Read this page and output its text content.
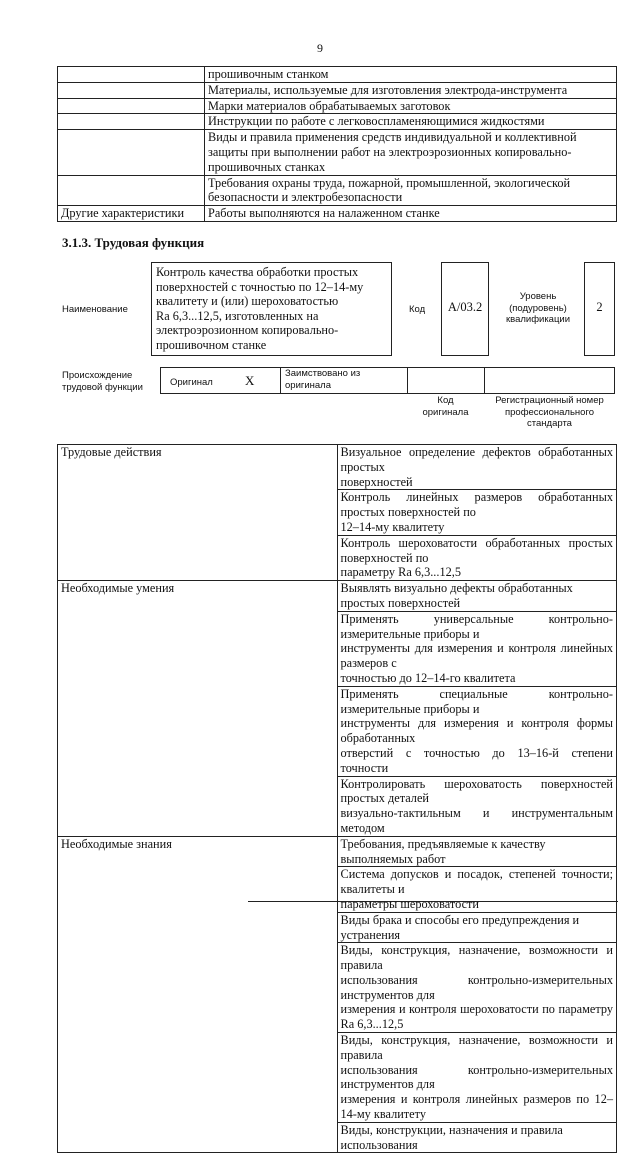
9
	прошивочным станком
	Материалы, используемые для изготовления электрода-инструмента
	Марки материалов обрабатываемых заготовок
	Инструкции по работе с легковоспламеняющимися жидкостями
	Виды и правила применения средств индивидуальной и коллективной
защиты при выполнении работ на электроэрозионных копировально-
прошивочных станках
	Требования охраны труда, пожарной, промышленной, экологической
безопасности и электробезопасности
Другие характеристики	Работы выполняются на налаженном станке
3.1.3. Трудовая функция
Наименование
Контроль качества обработки простых
поверхностей с точностью по 12–14-му
квалитету и (или) шероховатостью
Ra 6,3...12,5, изготовленных на
электроэрозионном копировально-
прошивочном станке
Код	A/03.2
Уровень
(подуровень)
квалификации
2
Происхождение
трудовой функции	Оригинал X	Заимствовано из
оригинала
Код
оригинала
Регистрационный номер
профессионального
стандарта
Трудовые действия	Визуальное определение дефектов обработанных простых
поверхностей
	Контроль линейных размеров обработанных простых поверхностей по
12–14-му квалитету
	Контроль шероховатости обработанных простых поверхностей по
параметру Ra 6,3...12,5
Необходимые умения	Выявлять визуально дефекты обработанных простых поверхностей
	Применять универсальные контрольно-измерительные приборы и
инструменты для измерения и контроля линейных размеров с
точностью до 12–14-го квалитета
	Применять специальные контрольно-измерительные приборы и
инструменты для измерения и контроля формы обработанных
отверстий с точностью до 13–16-й степени точности
	Контролировать шероховатость поверхностей простых деталей
визуально-тактильным и инструментальным методом
Необходимые знания	Требования, предъявляемые к качеству выполняемых работ
	Система допусков и посадок, степеней точности; квалитеты и
параметры шероховатости
	Виды брака и способы его предупреждения и устранения
	Виды, конструкция, назначение, возможности и правила
использования контрольно-измерительных инструментов для
измерения и контроля шероховатости по параметру Ra 6,3...12,5
	Виды, конструкция, назначение, возможности и правила
использования контрольно-измерительных инструментов для
измерения и контроля линейных размеров по 12–14-му квалитету
	Виды, конструкции, назначения и правила использования
